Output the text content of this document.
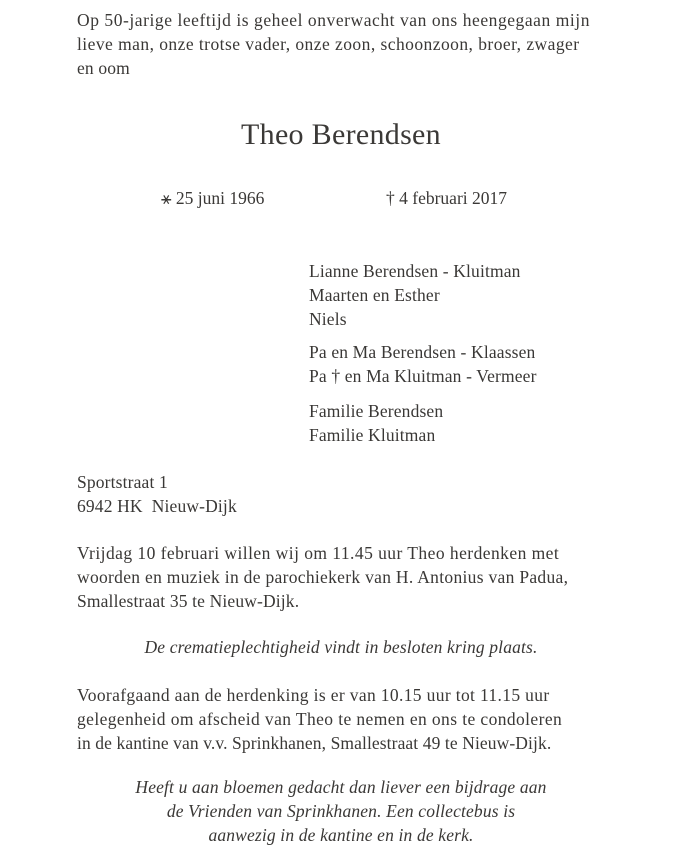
Op 50-jarige leeftijd is geheel onverwacht van ons heengegaan mijn
lieve man, onze trotse vader, onze zoon, schoonzoon, broer, zwager
en oom
Theo Berendsen
⚹ 25 juni 1966	† 4 februari 2017
Lianne Berendsen - Kluitman
Maarten en Esther
Niels
Pa en Ma Berendsen - Klaassen
Pa † en Ma Kluitman - Vermeer
Familie Berendsen
Familie Kluitman
Sportstraat 1
6942 HK  Nieuw-Dijk
Vrijdag 10 februari willen wij om 11.45 uur Theo herdenken met
woorden en muziek in de parochiekerk van H. Antonius van Padua,
Smallestraat 35 te Nieuw-Dijk.
De crematieplechtigheid vindt in besloten kring plaats.
Voorafgaand aan de herdenking is er van 10.15 uur tot 11.15 uur
gelegenheid om afscheid van Theo te nemen en ons te condoleren
in de kantine van v.v. Sprinkhanen, Smallestraat 49 te Nieuw-Dijk.
Heeft u aan bloemen gedacht dan liever een bijdrage aan
de Vrienden van Sprinkhanen. Een collectebus is
aanwezig in de kantine en in de kerk.
